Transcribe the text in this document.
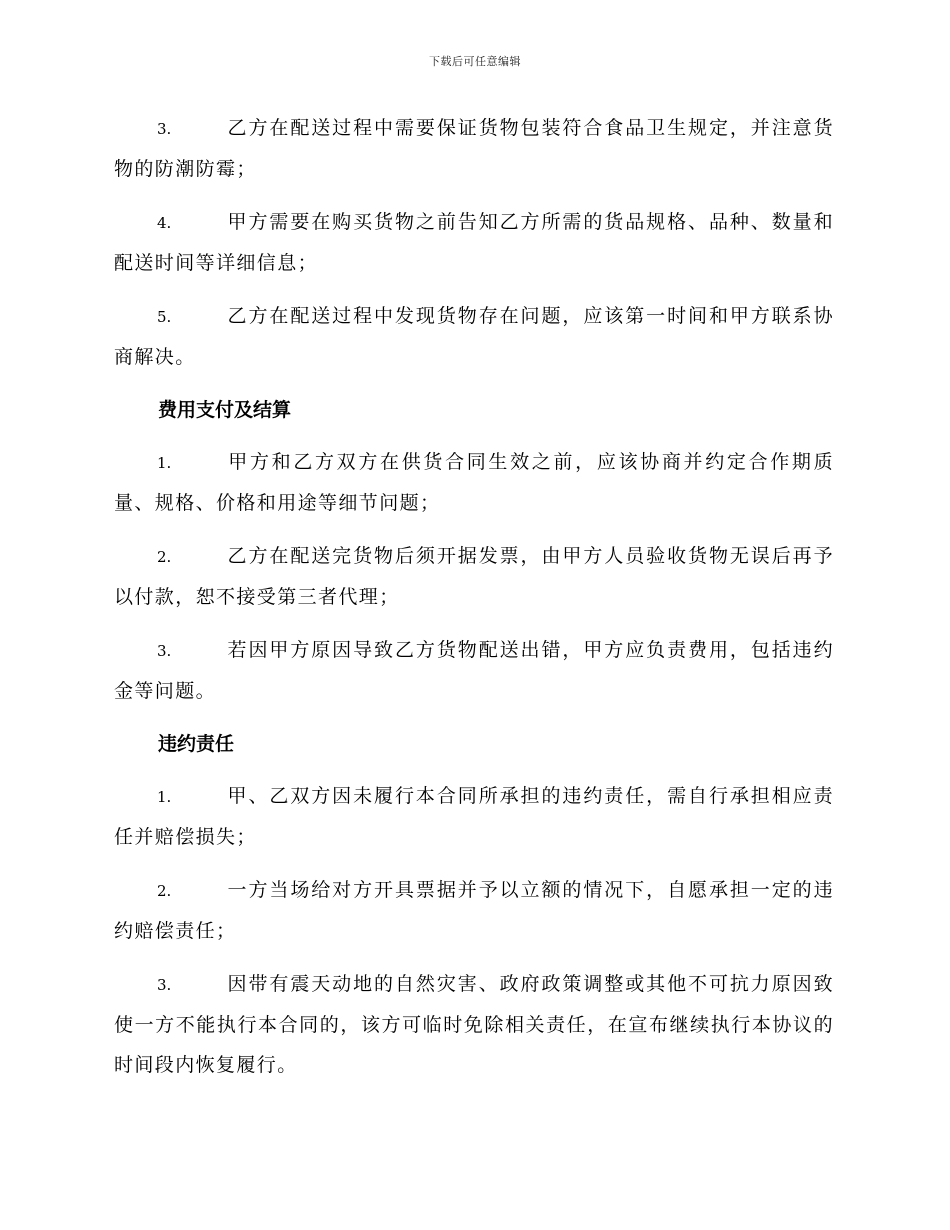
下载后可任意编辑

3.	乙方在配送过程中需要保证货物包装符合食品卫生规定，并注意货物的防潮防霉；

4.	甲方需要在购买货物之前告知乙方所需的货品规格、品种、数量和配送时间等详细信息；

5.	乙方在配送过程中发现货物存在问题，应该第一时间和甲方联系协商解决。

费用支付及结算

1.	甲方和乙方双方在供货合同生效之前，应该协商并约定合作期质量、规格、价格和用途等细节问题；

2.	乙方在配送完货物后须开据发票，由甲方人员验收货物无误后再予以付款，恕不接受第三者代理；

3.	若因甲方原因导致乙方货物配送出错，甲方应负责费用，包括违约金等问题。

违约责任

1.	甲、乙双方因未履行本合同所承担的违约责任，需自行承担相应责任并赔偿损失；

2.	一方当场给对方开具票据并予以立额的情况下，自愿承担一定的违约赔偿责任；

3.	因带有震天动地的自然灾害、政府政策调整或其他不可抗力原因致使一方不能执行本合同的，该方可临时免除相关责任，在宣布继续执行本协议的时间段内恢复履行。
